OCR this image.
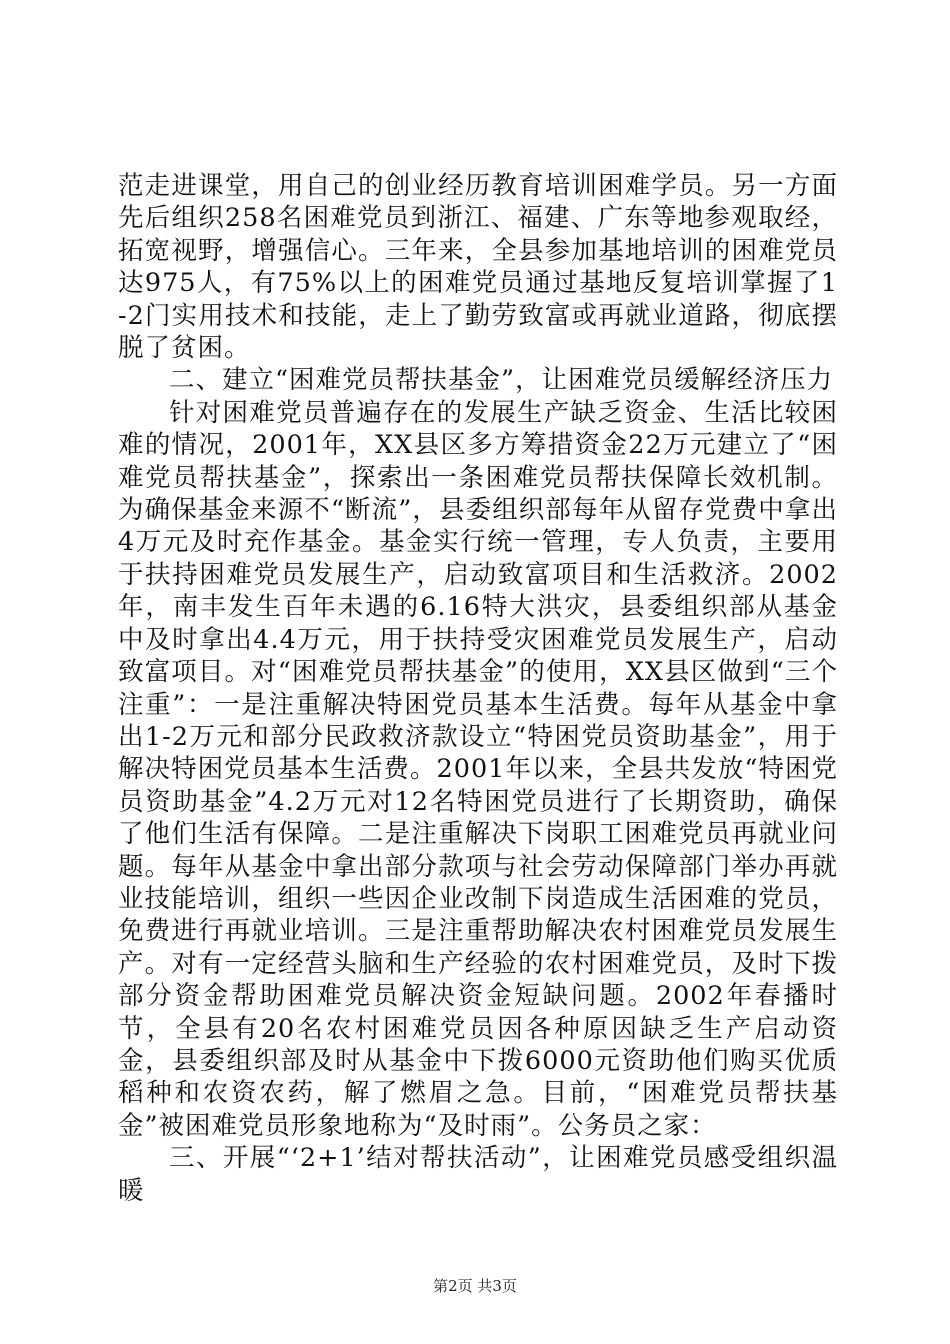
范走进课堂，用自己的创业经历教育培训困难学员。另一方面先后组织258名困难党员到浙江、福建、广东等地参观取经，拓宽视野，增强信心。三年来，全县参加基地培训的困难党员达975人，有75%以上的困难党员通过基地反复培训掌握了1-2门实用技术和技能，走上了勤劳致富或再就业道路，彻底摆脱了贫困。

二、建立“困难党员帮扶基金”，让困难党员缓解经济压力

针对困难党员普遍存在的发展生产缺乏资金、生活比较困难的情况，2001年，XX县区多方筹措资金22万元建立了“困难党员帮扶基金”，探索出一条困难党员帮扶保障长效机制。为确保基金来源不“断流”，县委组织部每年从留存党费中拿出4万元及时充作基金。基金实行统一管理，专人负责，主要用于扶持困难党员发展生产，启动致富项目和生活救济。2002年，南丰发生百年未遇的6.16特大洪灾，县委组织部从基金中及时拿出4.4万元，用于扶持受灾困难党员发展生产，启动致富项目。对“困难党员帮扶基金”的使用，XX县区做到“三个注重”：一是注重解决特困党员基本生活费。每年从基金中拿出1-2万元和部分民政救济款设立“特困党员资助基金”，用于解决特困党员基本生活费。2001年以来，全县共发放“特困党员资助基金”4.2万元对12名特困党员进行了长期资助，确保了他们生活有保障。二是注重解决下岗职工困难党员再就业问题。每年从基金中拿出部分款项与社会劳动保障部门举办再就业技能培训，组织一些因企业改制下岗造成生活困难的党员，免费进行再就业培训。三是注重帮助解决农村困难党员发展生产。对有一定经营头脑和生产经验的农村困难党员，及时下拨部分资金帮助困难党员解决资金短缺问题。2002年春播时节，全县有20名农村困难党员因各种原因缺乏生产启动资金，县委组织部及时从基金中下拨6000元资助他们购买优质稻种和农资农药，解了燃眉之急。目前，“困难党员帮扶基金”被困难党员形象地称为“及时雨”。公务员之家：

三、开展“‘2+1’结对帮扶活动”，让困难党员感受组织温暖

第2页 共3页
